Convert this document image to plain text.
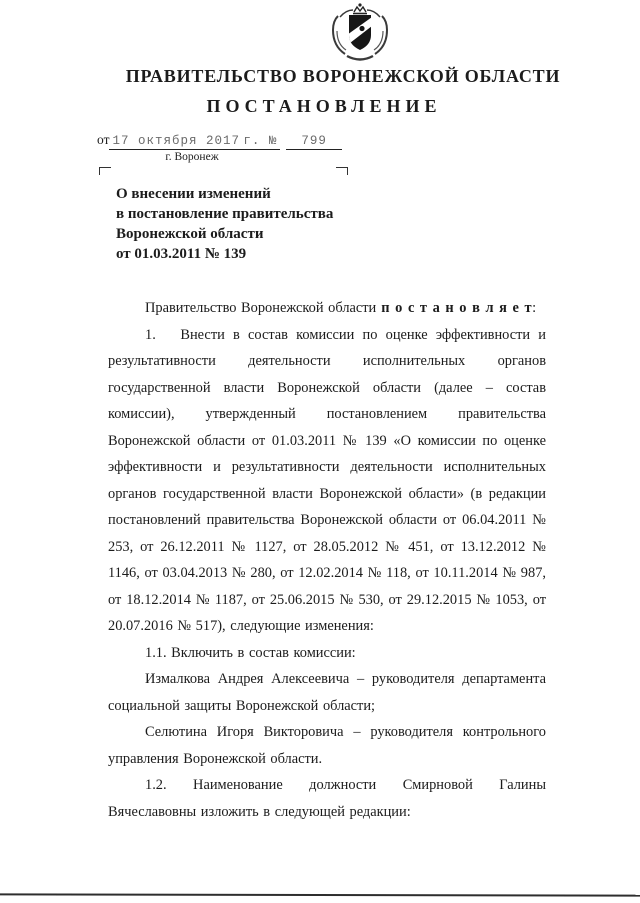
ПРАВИТЕЛЬСТВО ВОРОНЕЖСКОЙ ОБЛАСТИ
ПОСТАНОВЛЕНИЕ
от 17 октября 2017 г. № 799
г. Воронеж
О внесении изменений
в постановление правительства
Воронежской области
от 01.03.2011 № 139

Правительство Воронежской области п о с т а н о в л я е т:

1.   Внести в состав комиссии по оценке эффективности и результативности деятельности исполнительных органов государственной власти Воронежской области (далее – состав комиссии), утвержденный постановлением правительства Воронежской области от 01.03.2011 № 139 «О комиссии по оценке эффективности и результативности деятельности исполнительных органов государственной власти Воронежской области» (в редакции постановлений правительства Воронежской области от 06.04.2011 № 253, от 26.12.2011 № 1127, от 28.05.2012 № 451, от 13.12.2012 № 1146, от 03.04.2013 № 280, от 12.02.2014 № 118, от 10.11.2014 № 987, от 18.12.2014 № 1187, от 25.06.2015 № 530, от 29.12.2015 № 1053, от 20.07.2016 № 517), следующие изменения:

1.1. Включить в состав комиссии:

Измалкова Андрея Алексеевича – руководителя департамента социальной защиты Воронежской области;

Селютина Игоря Викторовича – руководителя контрольного управления Воронежской области.

1.2. Наименование должности Смирновой Галины Вячеславовны изложить в следующей редакции:
